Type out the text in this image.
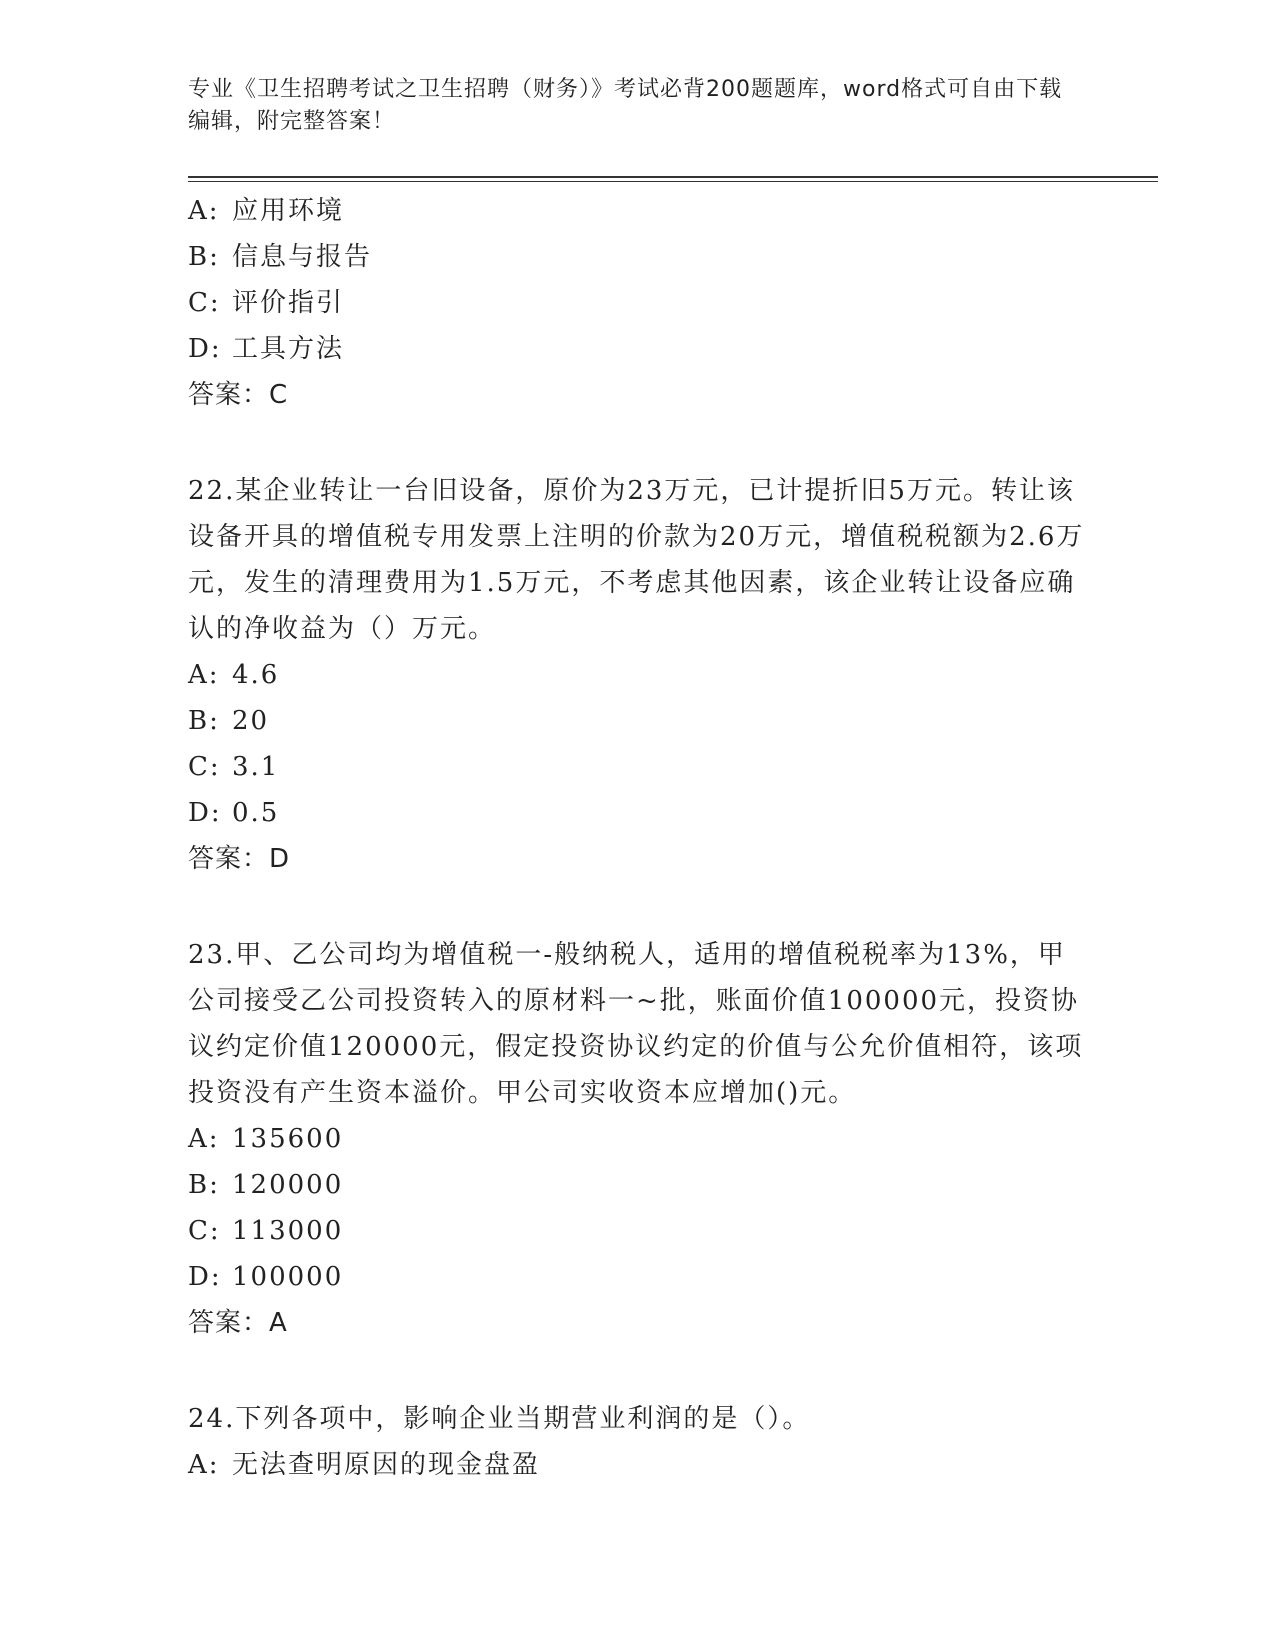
专业《卫生招聘考试之卫生招聘（财务）》考试必背200题题库，word格式可自由下载编辑，附完整答案！
A: 应用环境
B: 信息与报告
C: 评价指引
D: 工具方法
答案：C
22.某企业转让一台旧设备，原价为23万元，已计提折旧5万元。转让该设备开具的增值税专用发票上注明的价款为20万元，增值税税额为2.6万元，发生的清理费用为1.5万元，不考虑其他因素，该企业转让设备应确认的净收益为（）万元。
A: 4.6
B: 20
C: 3.1
D: 0.5
答案：D
23.甲、乙公司均为增值税一-般纳税人，适用的增值税税率为13%，甲公司接受乙公司投资转入的原材料一~批，账面价值100000元，投资协议约定价值120000元，假定投资协议约定的价值与公允价值相符，该项投资没有产生资本溢价。甲公司实收资本应增加()元。
A: 135600
B: 120000
C: 113000
D: 100000
答案：A
24.下列各项中，影响企业当期营业利润的是（）。
A: 无法查明原因的现金盘盈
